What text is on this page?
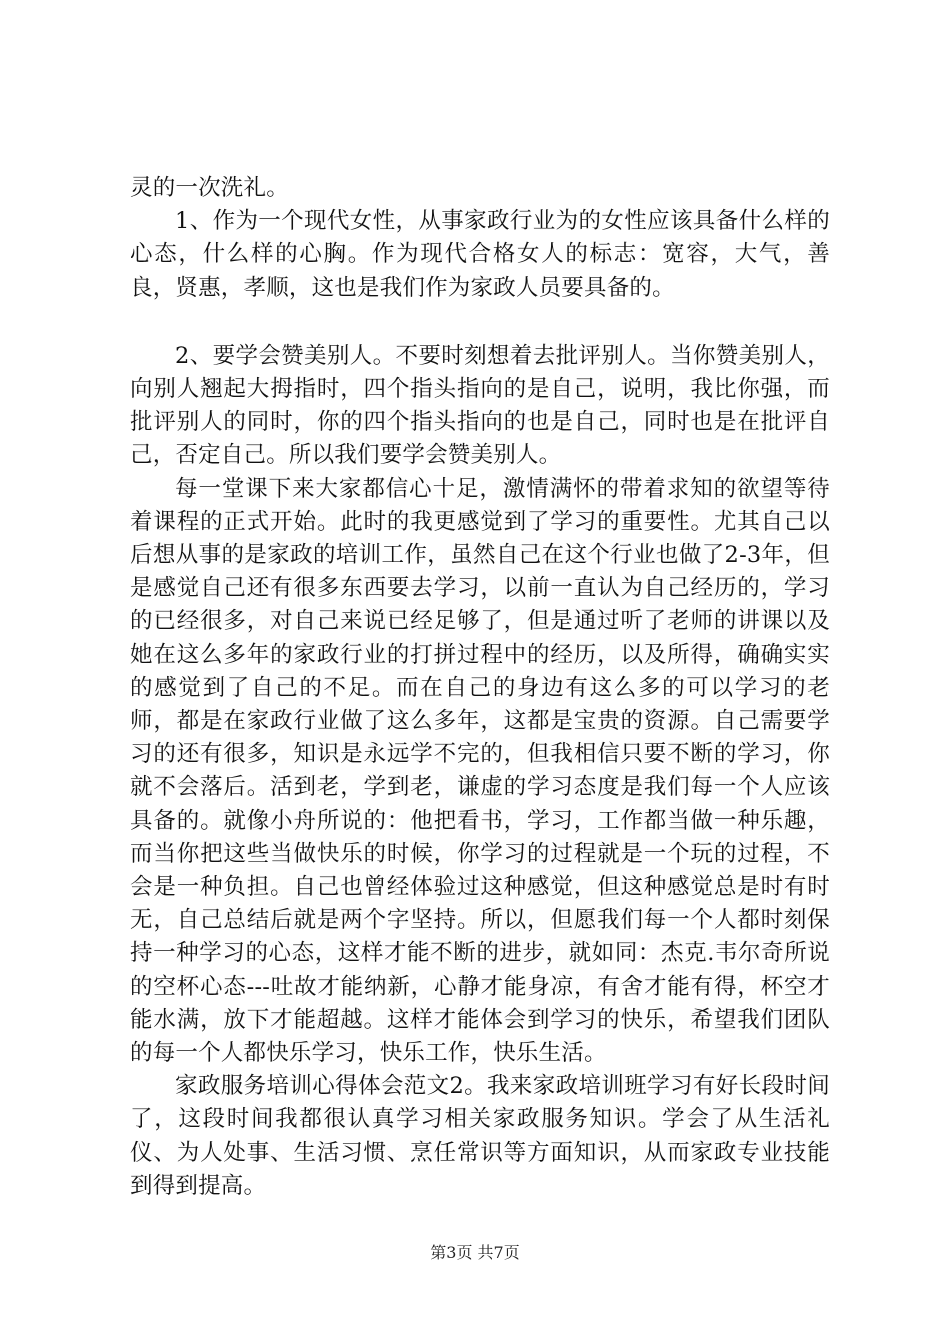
灵的一次洗礼。

1、作为一个现代女性，从事家政行业为的女性应该具备什么样的心态，什么样的心胸。作为现代合格女人的标志：宽容，大气，善良，贤惠，孝顺，这也是我们作为家政人员要具备的。

2、要学会赞美别人。不要时刻想着去批评别人。当你赞美别人，向别人翘起大拇指时，四个指头指向的是自己，说明，我比你强，而批评别人的同时，你的四个指头指向的也是自己，同时也是在批评自己，否定自己。所以我们要学会赞美别人。

每一堂课下来大家都信心十足，激情满怀的带着求知的欲望等待着课程的正式开始。此时的我更感觉到了学习的重要性。尤其自己以后想从事的是家政的培训工作，虽然自己在这个行业也做了2-3年，但是感觉自己还有很多东西要去学习，以前一直认为自己经历的，学习的已经很多，对自己来说已经足够了，但是通过听了老师的讲课以及她在这么多年的家政行业的打拼过程中的经历，以及所得，确确实实的感觉到了自己的不足。而在自己的身边有这么多的可以学习的老师，都是在家政行业做了这么多年，这都是宝贵的资源。自己需要学习的还有很多，知识是永远学不完的，但我相信只要不断的学习，你就不会落后。活到老，学到老，谦虚的学习态度是我们每一个人应该具备的。就像小舟所说的：他把看书，学习，工作都当做一种乐趣，而当你把这些当做快乐的时候，你学习的过程就是一个玩的过程，不会是一种负担。自己也曾经体验过这种感觉，但这种感觉总是时有时无，自己总结后就是两个字坚持。所以，但愿我们每一个人都时刻保持一种学习的心态，这样才能不断的进步，就如同：杰克.韦尔奇所说的空杯心态---吐故才能纳新，心静才能身凉，有舍才能有得，杯空才能水满，放下才能超越。这样才能体会到学习的快乐，希望我们团队的每一个人都快乐学习，快乐工作，快乐生活。

家政服务培训心得体会范文2。我来家政培训班学习有好长段时间了，这段时间我都很认真学习相关家政服务知识。学会了从生活礼仪、为人处事、生活习惯、烹任常识等方面知识，从而家政专业技能到得到提高。

第3页 共7页
